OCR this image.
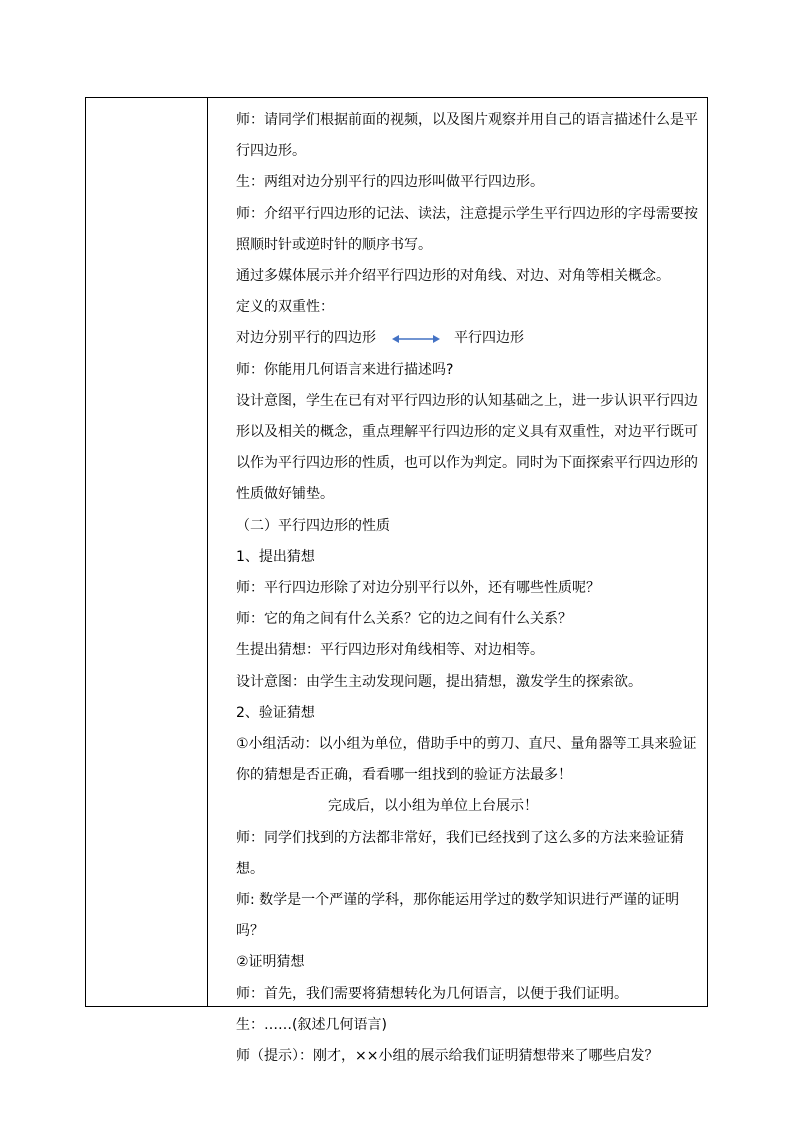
师：请同学们根据前面的视频，以及图片观察并用自己的语言描述什么是平行四边形。

生：两组对边分别平行的四边形叫做平行四边形。

师：介绍平行四边形的记法、读法，注意提示学生平行四边形的字母需要按照顺时针或逆时针的顺序书写。

通过多媒体展示并介绍平行四边形的对角线、对边、对角等相关概念。

定义的双重性：

对边分别平行的四边形	平行四边形

师：你能用几何语言来进行描述吗?

设计意图，学生在已有对平行四边形的认知基础之上，进一步认识平行四边形以及相关的概念，重点理解平行四边形的定义具有双重性，对边平行既可以作为平行四边形的性质，也可以作为判定。同时为下面探索平行四边形的性质做好铺垫。

（二）平行四边形的性质

1、提出猜想

师：平行四边形除了对边分别平行以外，还有哪些性质呢？

师：它的角之间有什么关系？它的边之间有什么关系？

生提出猜想：平行四边形对角线相等、对边相等。

设计意图：由学生主动发现问题，提出猜想，激发学生的探索欲。

2、验证猜想

①小组活动：以小组为单位，借助手中的剪刀、直尺、量角器等工具来验证你的猜想是否正确，看看哪一组找到的验证方法最多！

完成后，以小组为单位上台展示！

师：同学们找到的方法都非常好，我们已经找到了这么多的方法来验证猜想。

师: 数学是一个严谨的学科，那你能运用学过的数学知识进行严谨的证明吗？

②证明猜想

师：首先，我们需要将猜想转化为几何语言，以便于我们证明。

生：……(叙述几何语言)

师（提示）：刚才，××小组的展示给我们证明猜想带来了哪些启发？
